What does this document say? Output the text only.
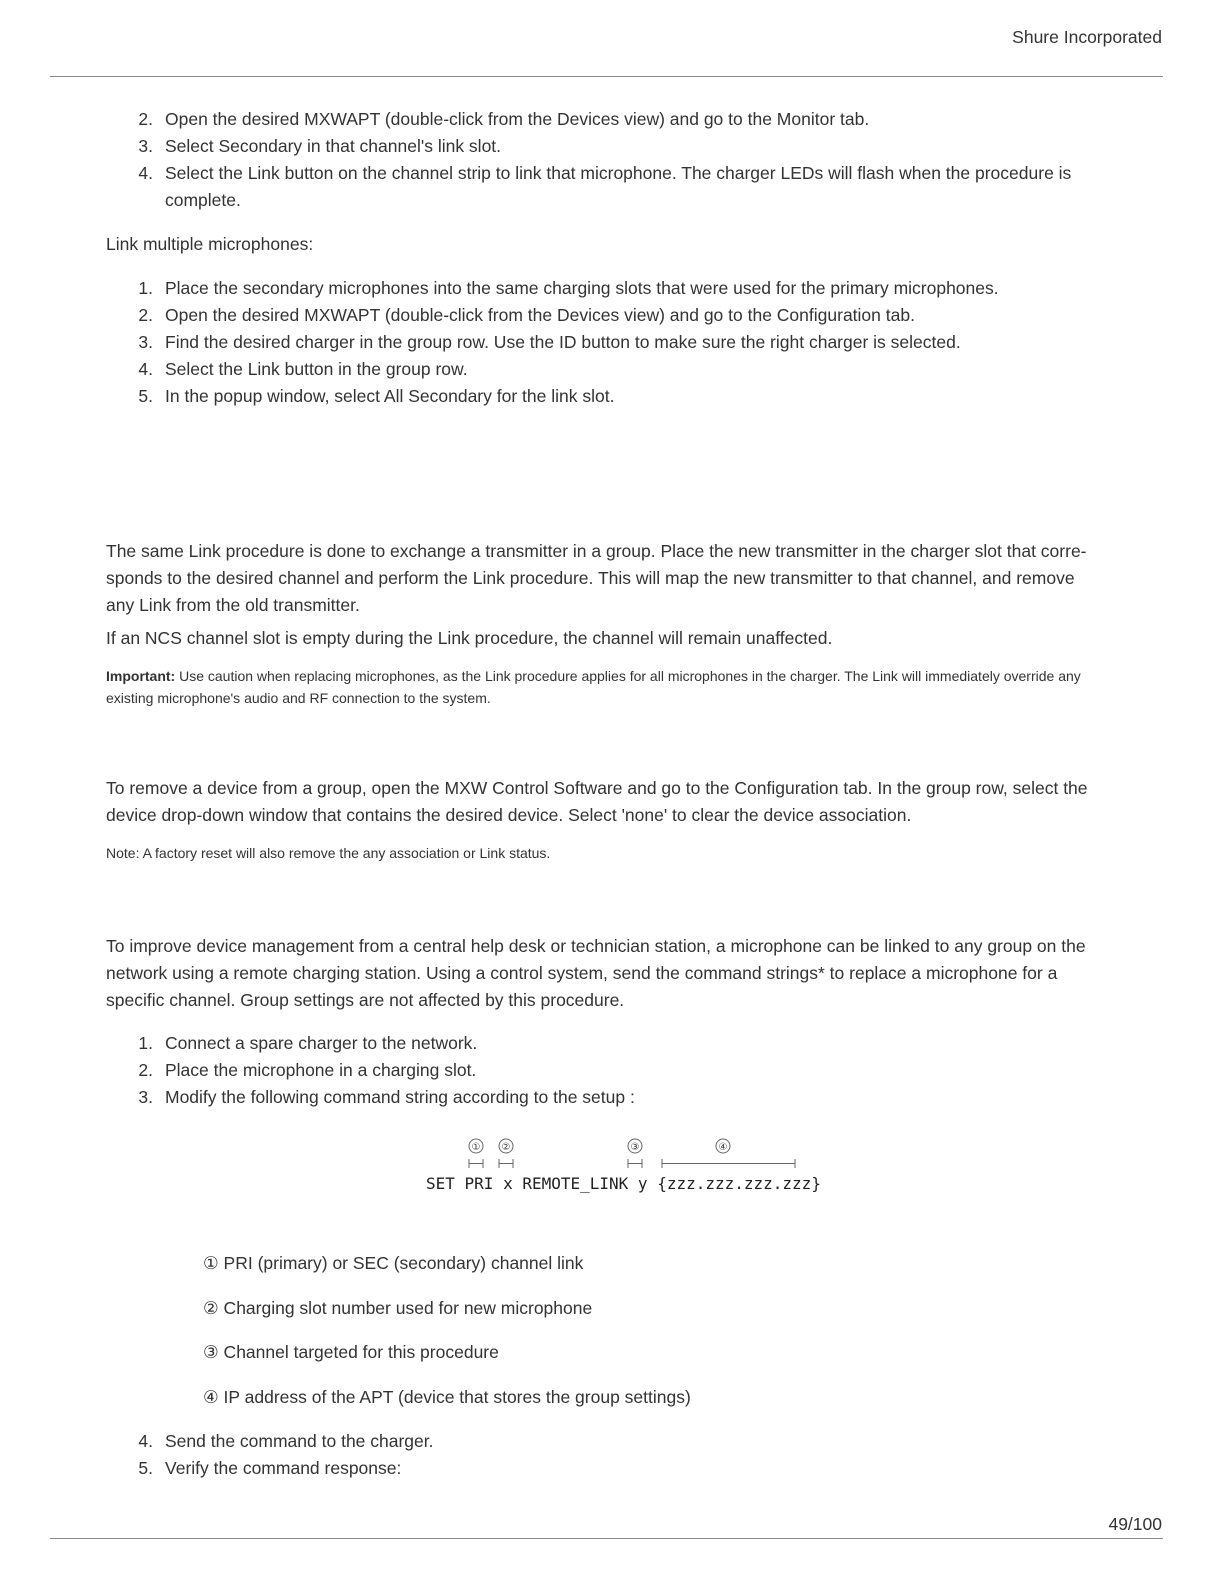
Shure Incorporated
2. Open the desired MXWAPT (double-click from the Devices view) and go to the Monitor tab.
3. Select Secondary in that channel's link slot.
4. Select the Link button on the channel strip to link that microphone. The charger LEDs will flash when the procedure is complete.

Link multiple microphones:

1. Place the secondary microphones into the same charging slots that were used for the primary microphones.
2. Open the desired MXWAPT (double-click from the Devices view) and go to the Configuration tab.
3. Find the desired charger in the group row. Use the ID button to make sure the right charger is selected.
4. Select the Link button in the group row.
5. In the popup window, select All Secondary for the link slot.

The same Link procedure is done to exchange a transmitter in a group. Place the new transmitter in the charger slot that corre-sponds to the desired channel and perform the Link procedure. This will map the new transmitter to that channel, and remove any Link from the old transmitter.

If an NCS channel slot is empty during the Link procedure, the channel will remain unaffected.

Important: Use caution when replacing microphones, as the Link procedure applies for all microphones in the charger. The Link will immediately override any existing microphone's audio and RF connection to the system.

To remove a device from a group, open the MXW Control Software and go to the Configuration tab. In the group row, select the device drop-down window that contains the desired device. Select 'none' to clear the device association.

Note: A factory reset will also remove the any association or Link status.

To improve device management from a central help desk or technician station, a microphone can be linked to any group on the network using a remote charging station. Using a control system, send the command strings* to replace a microphone for a specific channel. Group settings are not affected by this procedure.

1. Connect a spare charger to the network.
2. Place the microphone in a charging slot.
3. Modify the following command string according to the setup :
① ②	③	④
SET PRI x REMOTE_LINK y {zzz.zzz.zzz.zzz}
① PRI (primary) or SEC (secondary) channel link
② Charging slot number used for new microphone
③ Channel targeted for this procedure
④ IP address of the APT (device that stores the group settings)
4. Send the command to the charger.
5. Verify the command response:
49/100
